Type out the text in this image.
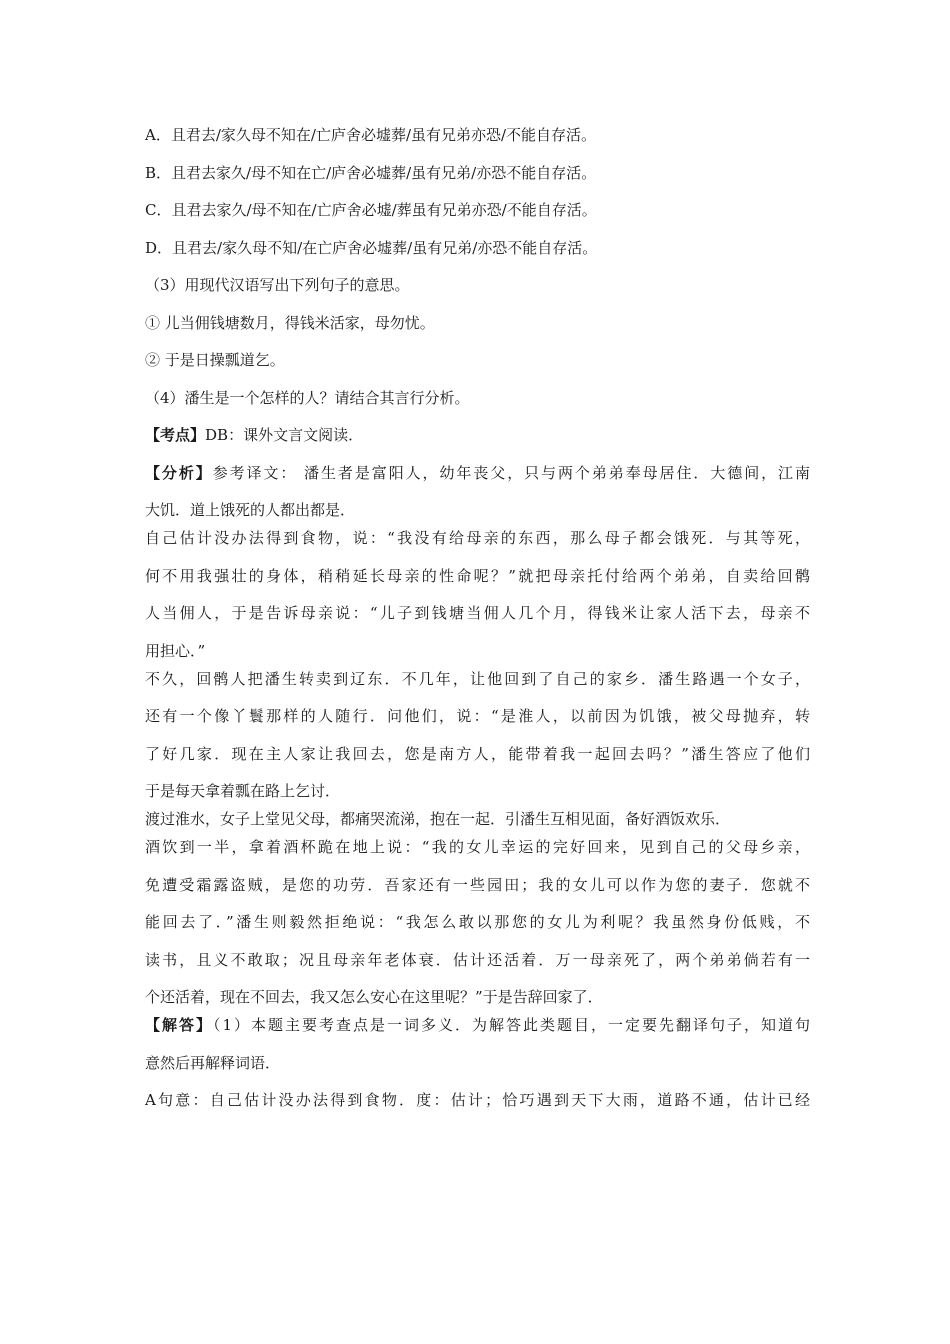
A．且君去/家久母不知在/亡庐舍必墟葬/虽有兄弟亦恐/不能自存活。

B．且君去家久/母不知在亡/庐舍必墟葬/虽有兄弟/亦恐不能自存活。

C．且君去家久/母不知在/亡庐舍必墟/葬虽有兄弟亦恐/不能自存活。

D．且君去/家久母不知/在亡庐舍必墟葬/虽有兄弟/亦恐不能自存活。

（3）用现代汉语写出下列句子的意思。

① 儿当佣钱塘数月，得钱米活家，母勿忧。

② 于是日操瓢道乞。

（4）潘生是一个怎样的人？请结合其言行分析。

【考点】DB：课外文言文阅读．

【分析】参考译文： 潘生者是富阳人，幼年丧父，只与两个弟弟奉母居住．大德间，江南

大饥．道上饿死的人都出都是．

自己估计没办法得到食物，说：“我没有给母亲的东西，那么母子都会饿死．与其等死，

何不用我强壮的身体，稍稍延长母亲的性命呢？”就把母亲托付给两个弟弟，自卖给回鹘

人当佣人，于是告诉母亲说：“儿子到钱塘当佣人几个月，得钱米让家人活下去，母亲不

用担心．”

不久，回鹘人把潘生转卖到辽东．不几年，让他回到了自己的家乡．潘生路遇一个女子，

还有一个像丫鬟那样的人随行．问他们，说：“是淮人，以前因为饥饿，被父母抛弃，转

了好几家．现在主人家让我回去，您是南方人，能带着我一起回去吗？”潘生答应了他们

于是每天拿着瓢在路上乞讨．

渡过淮水，女子上堂见父母，都痛哭流涕，抱在一起．引潘生互相见面，备好酒饭欢乐．

酒饮到一半，拿着酒杯跪在地上说：“我的女儿幸运的完好回来，见到自己的父母乡亲，

免遭受霜露盗贼，是您的功劳．吾家还有一些园田；我的女儿可以作为您的妻子．您就不

能回去了．”潘生则毅然拒绝说：“我怎么敢以那您的女儿为利呢？我虽然身份低贱，不

读书，且义不敢取；况且母亲年老体衰．估计还活着．万一母亲死了，两个弟弟倘若有一

个还活着，现在不回去，我又怎么安心在这里呢？”于是告辞回家了．

【解答】（1）本题主要考查点是一词多义．为解答此类题目，一定要先翻译句子，知道句

意然后再解释词语．

A句意：自己估计没办法得到食物．度：估计；恰巧遇到天下大雨，道路不通，估计已经
